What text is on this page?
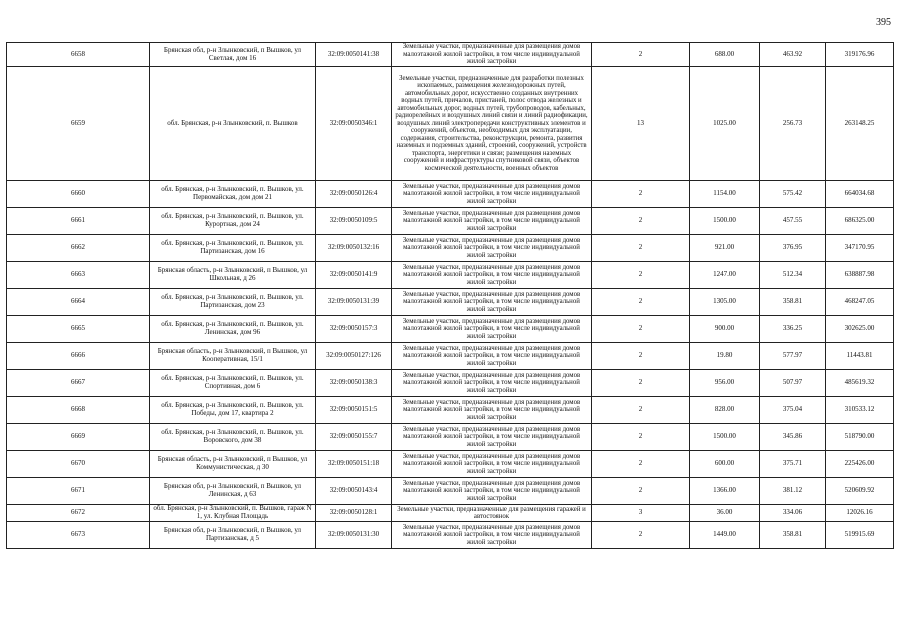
395
6658	Брянская обл, р-н Злынковский, п Вышков, ул Светлая, дом 16	32:09:0050141:38	Земельные участки, предназначенные для размещения домов малоэтажной жилой застройки, в том числе индивидуальной жилой застройки	2	688.00	463.92	319176.96
6659	обл. Брянская, р-н Злынковский, п. Вышков	32:09:0050346:1	Земельные участки, предназначенные для разработки полезных ископаемых, размещения железнодорожных путей, автомобильных дорог, искусственно созданных внутренних водных путей, причалов, пристаней, полос отвода железных и автомобильных дорог, водных путей, трубопроводов, кабельных, радиорелейных и воздушных линий связи и линий радиофикации, воздушных линий электропередачи конструктивных элементов и сооружений, объектов, необходимых для эксплуатации, содержания, строительства, реконструкции, ремонта, развития наземных и подземных зданий, строений, сооружений, устройств транспорта, энергетики и связи; размещения наземных сооружений и инфраструктуры спутниковой связи, объектов космической деятельности, военных объектов	13	1025.00	256.73	263148.25
6660	обл. Брянская, р-н Злынковский, п. Вышков, ул. Первомайская, дом дом 21	32:09:0050126:4	Земельные участки, предназначенные для размещения домов малоэтажной жилой застройки, в том числе индивидуальной жилой застройки	2	1154.00	575.42	664034.68
6661	обл. Брянская, р-н Злынковский, п. Вышков, ул. Курортная, дом 24	32:09:0050109:5	Земельные участки, предназначенные для размещения домов малоэтажной жилой застройки, в том числе индивидуальной жилой застройки	2	1500.00	457.55	686325.00
6662	обл. Брянская, р-н Злынковский, п. Вышков, ул. Партизанская, дом 16	32:09:0050132:16	Земельные участки, предназначенные для размещения домов малоэтажной жилой застройки, в том числе индивидуальной жилой застройки	2	921.00	376.95	347170.95
6663	Брянская область, р-н Злынковский, п Вышков, ул Школьная, д 26	32:09:0050141:9	Земельные участки, предназначенные для размещения домов малоэтажной жилой застройки, в том числе индивидуальной жилой застройки	2	1247.00	512.34	638887.98
6664	обл. Брянская, р-н Злынковский, п. Вышков, ул. Партизанская, дом 23	32:09:0050131:39	Земельные участки, предназначенные для размещения домов малоэтажной жилой застройки, в том числе индивидуальной жилой застройки	2	1305.00	358.81	468247.05
6665	обл. Брянская, р-н Злынковский, п. Вышков, ул. Ленинская, дом 96	32:09:0050157:3	Земельные участки, предназначенные для размещения домов малоэтажной жилой застройки, в том числе индивидуальной жилой застройки	2	900.00	336.25	302625.00
6666	Брянская область, р-н Злынковский, п Вышков, ул Кооперативная, 15/1	32:09:0050127:126	Земельные участки, предназначенные для размещения домов малоэтажной жилой застройки, в том числе индивидуальной жилой застройки	2	19.80	577.97	11443.81
6667	обл. Брянская, р-н Злынковский, п. Вышков, ул. Спортивная, дом 6	32:09:0050138:3	Земельные участки, предназначенные для размещения домов малоэтажной жилой застройки, в том числе индивидуальной жилой застройки	2	956.00	507.97	485619.32
6668	обл. Брянская, р-н Злынковский, п. Вышков, ул. Победы, дом 17, квартира 2	32:09:0050151:5	Земельные участки, предназначенные для размещения домов малоэтажной жилой застройки, в том числе индивидуальной жилой застройки	2	828.00	375.04	310533.12
6669	обл. Брянская, р-н Злынковский, п. Вышков, ул. Воровского, дом 38	32:09:0050155:7	Земельные участки, предназначенные для размещения домов малоэтажной жилой застройки, в том числе индивидуальной жилой застройки	2	1500.00	345.86	518790.00
6670	Брянская область, р-н Злынковский, п Вышков, ул Коммунистическая, д 30	32:09:0050151:18	Земельные участки, предназначенные для размещения домов малоэтажной жилой застройки, в том числе индивидуальной жилой застройки	2	600.00	375.71	225426.00
6671	Брянская обл, р-н Злынковский, п Вышков, ул Ленинская, д 63	32:09:0050143:4	Земельные участки, предназначенные для размещения домов малоэтажной жилой застройки, в том числе индивидуальной жилой застройки	2	1366.00	381.12	520609.92
6672	обл. Брянская, р-н Злынковский, п. Вышков, гараж N 1, ул. Клубная Площадь	32:09:0050128:1	Земельные участки, предназначенные для размещения гаражей и автостоянок	3	36.00	334.06	12026.16
6673	Брянская обл, р-н Злынковский, п Вышков, ул Партизанская, д 5	32:09:0050131:30	Земельные участки, предназначенные для размещения домов малоэтажной жилой застройки, в том числе индивидуальной жилой застройки	2	1449.00	358.81	519915.69
